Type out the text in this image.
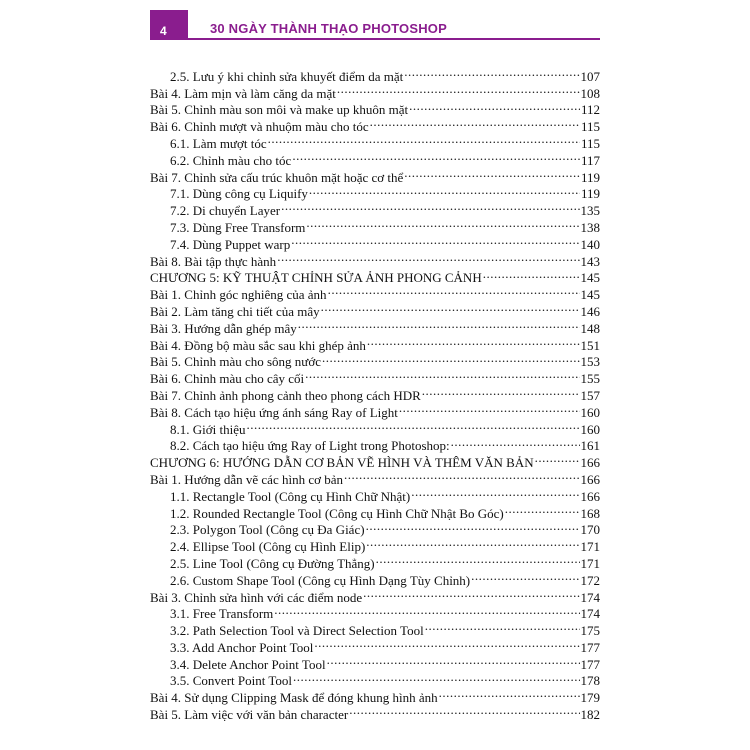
4	30 NGÀY THÀNH THẠO PHOTOSHOP
2.5. Lưu ý khi chỉnh sửa khuyết điểm da mặt .....	107
Bài 4. Làm mịn và làm căng da mặt .....	108
Bài 5. Chỉnh màu son môi và make up khuôn mặt .....	112
Bài 6. Chỉnh mượt và nhuộm màu cho tóc .....	115
6.1. Làm mượt tóc .....	115
6.2. Chỉnh màu cho tóc .....	117
Bài 7. Chỉnh sửa cấu trúc khuôn mặt hoặc cơ thể .....	119
7.1. Dùng công cụ Liquify .....	119
7.2. Di chuyển Layer .....	135
7.3. Dùng Free Transform .....	138
7.4. Dùng Puppet warp .....	140
Bài 8. Bài tập thực hành .....	143
CHƯƠNG 5: KỸ THUẬT CHỈNH SỬA ẢNH PHONG CẢNH .....	145
Bài 1. Chỉnh góc nghiêng của ảnh .....	145
Bài 2. Làm tăng chi tiết của mây .....	146
Bài 3. Hướng dẫn ghép mây .....	148
Bài 4. Đồng bộ màu sắc sau khi ghép ảnh .....	151
Bài 5. Chỉnh màu cho sông nước .....	153
Bài 6. Chỉnh màu cho cây cối .....	155
Bài 7. Chỉnh ảnh phong cảnh theo phong cách HDR .....	157
Bài 8. Cách tạo hiệu ứng ánh sáng Ray of Light .....	160
8.1. Giới thiệu .....	160
8.2. Cách tạo hiệu ứng Ray of Light trong Photoshop: .....	161
CHƯƠNG 6: HƯỚNG DẪN CƠ BẢN VẼ HÌNH VÀ THÊM VĂN BẢN .....	166
Bài 1. Hướng dẫn vẽ các hình cơ bản .....	166
1.1. Rectangle Tool (Công cụ Hình Chữ Nhật) .....	166
1.2. Rounded Rectangle Tool (Công cụ Hình Chữ Nhật Bo Góc) .....	168
2.3. Polygon Tool (Công cụ Đa Giác) .....	170
2.4. Ellipse Tool (Công cụ Hình Elip) .....	171
2.5. Line Tool (Công cụ Đường Thẳng) .....	171
2.6. Custom Shape Tool (Công cụ Hình Dạng Tùy Chỉnh) .....	172
Bài 3. Chỉnh sửa hình với các điểm node .....	174
3.1. Free Transform .....	174
3.2. Path Selection Tool và Direct Selection Tool .....	175
3.3. Add Anchor Point Tool .....	177
3.4. Delete Anchor Point Tool .....	177
3.5. Convert Point Tool .....	178
Bài 4. Sử dụng Clipping Mask để đóng khung hình ảnh .....	179
Bài 5. Làm việc với văn bản character .....	182
